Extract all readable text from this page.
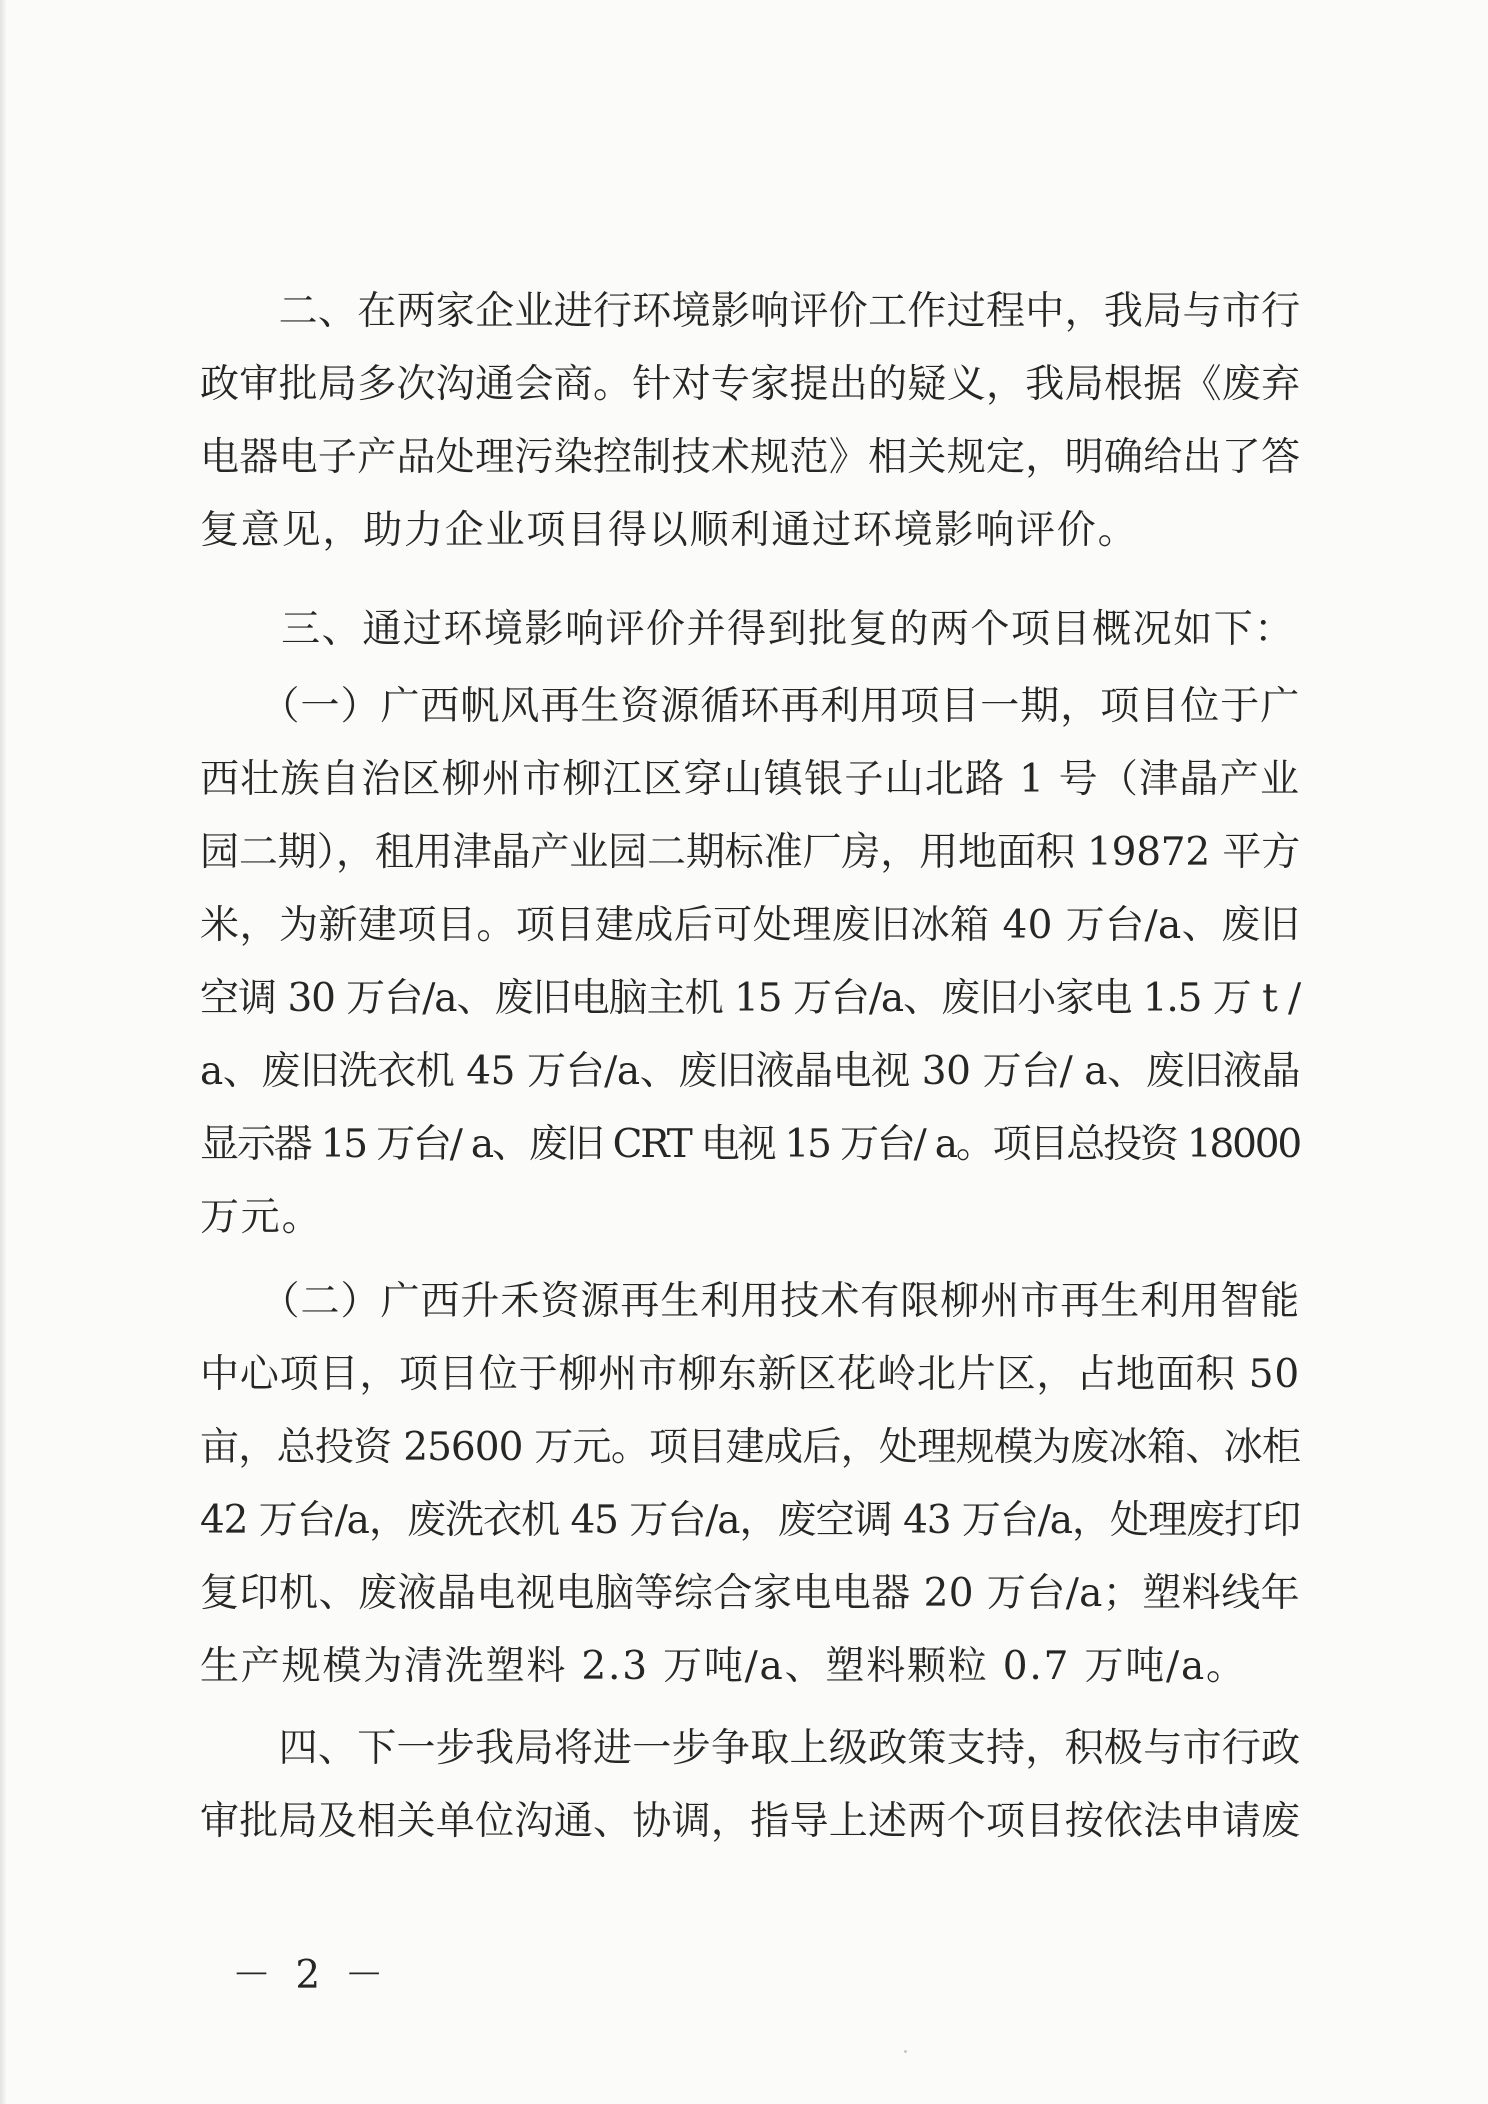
　　二、在两家企业进行环境影响评价工作过程中，我局与市行
政审批局多次沟通会商。针对专家提出的疑义，我局根据《废弃
电器电子产品处理污染控制技术规范》相关规定，明确给出了答
复意见，助力企业项目得以顺利通过环境影响评价。
　　三、通过环境影响评价并得到批复的两个项目概况如下：
　　（一）广西帆风再生资源循环再利用项目一期，项目位于广
西壮族自治区柳州市柳江区穿山镇银子山北路 1 号（津晶产业
园二期），租用津晶产业园二期标准厂房，用地面积 19872 平方
米，为新建项目。项目建成后可处理废旧冰箱 40 万台/a、废旧
空调 30 万台/a、废旧电脑主机 15 万台/a、废旧小家电 1.5 万 t /
a、废旧洗衣机 45 万台/a、废旧液晶电视 30 万台/ a、废旧液晶
显示器 15 万台/ a、废旧 CRT 电视 15 万台/ a。项目总投资 18000
万元。
　　（二）广西升禾资源再生利用技术有限柳州市再生利用智能
中心项目，项目位于柳州市柳东新区花岭北片区，占地面积 50
亩，总投资 25600 万元。项目建成后，处理规模为废冰箱、冰柜
42 万台/a，废洗衣机 45 万台/a，废空调 43 万台/a，处理废打印
复印机、废液晶电视电脑等综合家电电器 20 万台/a；塑料线年
生产规模为清洗塑料 2.3 万吨/a、塑料颗粒 0.7 万吨/a。
　　四、下一步我局将进一步争取上级政策支持，积极与市行政
审批局及相关单位沟通、协调，指导上述两个项目按依法申请废
－ 2 －
